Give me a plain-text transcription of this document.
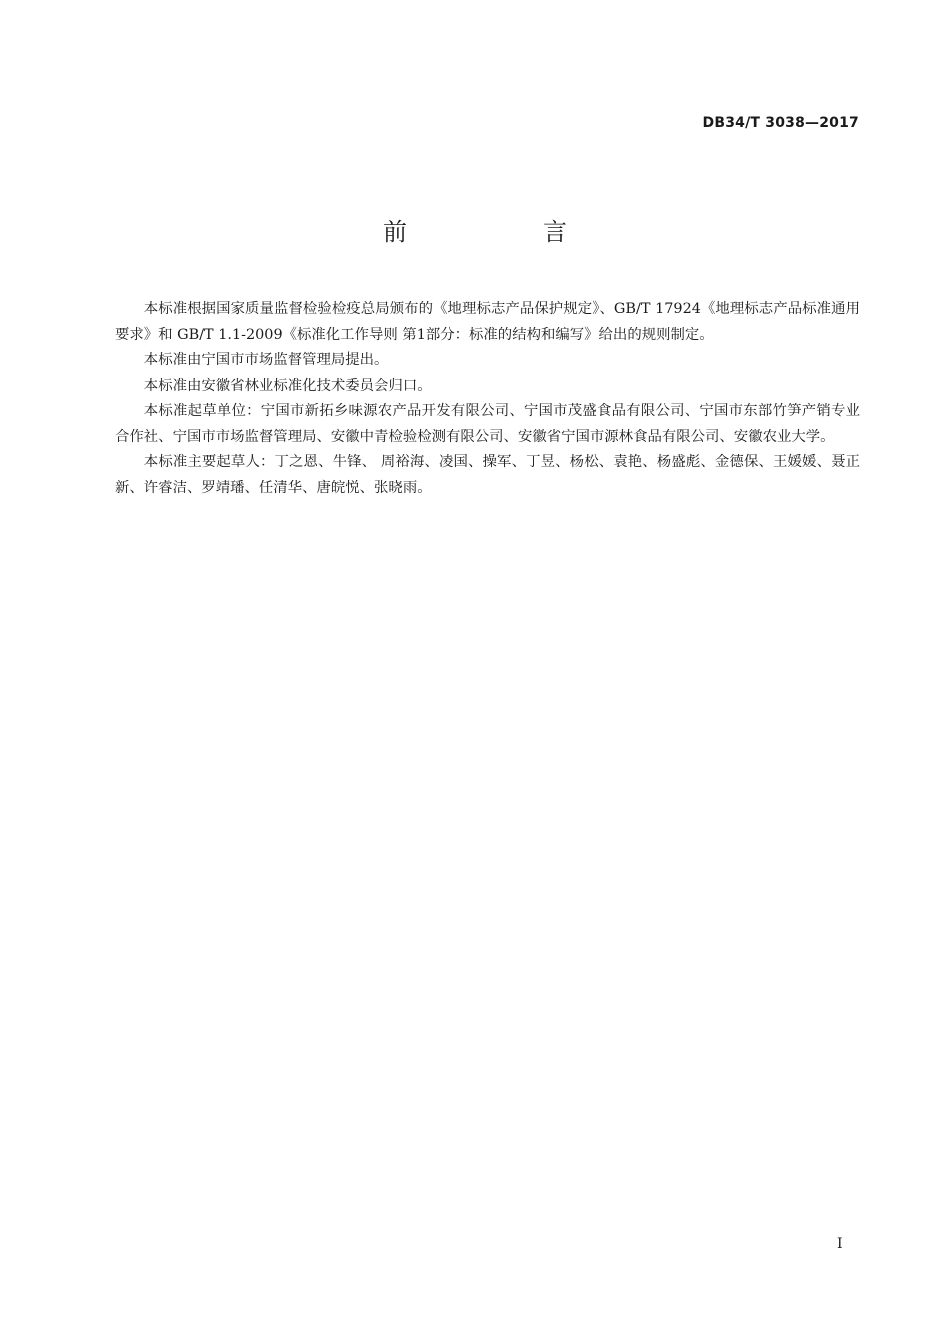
DB34/T 3038—2017
前　言

本标准根据国家质量监督检验检疫总局颁布的《地理标志产品保护规定》、GB/T 17924《地理标志产品标准通用要求》和 GB/T 1.1-2009《标准化工作导则 第1部分：标准的结构和编写》给出的规则制定。

本标准由宁国市市场监督管理局提出。

本标准由安徽省林业标准化技术委员会归口。

本标准起草单位：宁国市新拓乡味源农产品开发有限公司、宁国市茂盛食品有限公司、宁国市东部竹笋产销专业合作社、宁国市市场监督管理局、安徽中青检验检测有限公司、安徽省宁国市源林食品有限公司、安徽农业大学。

本标准主要起草人：丁之恩、牛锋、 周裕海、凌国、操军、丁昱、杨松、袁艳、杨盛彪、金德保、王媛媛、聂正新、许睿洁、罗靖璠、任清华、唐皖悦、张晓雨。

I
